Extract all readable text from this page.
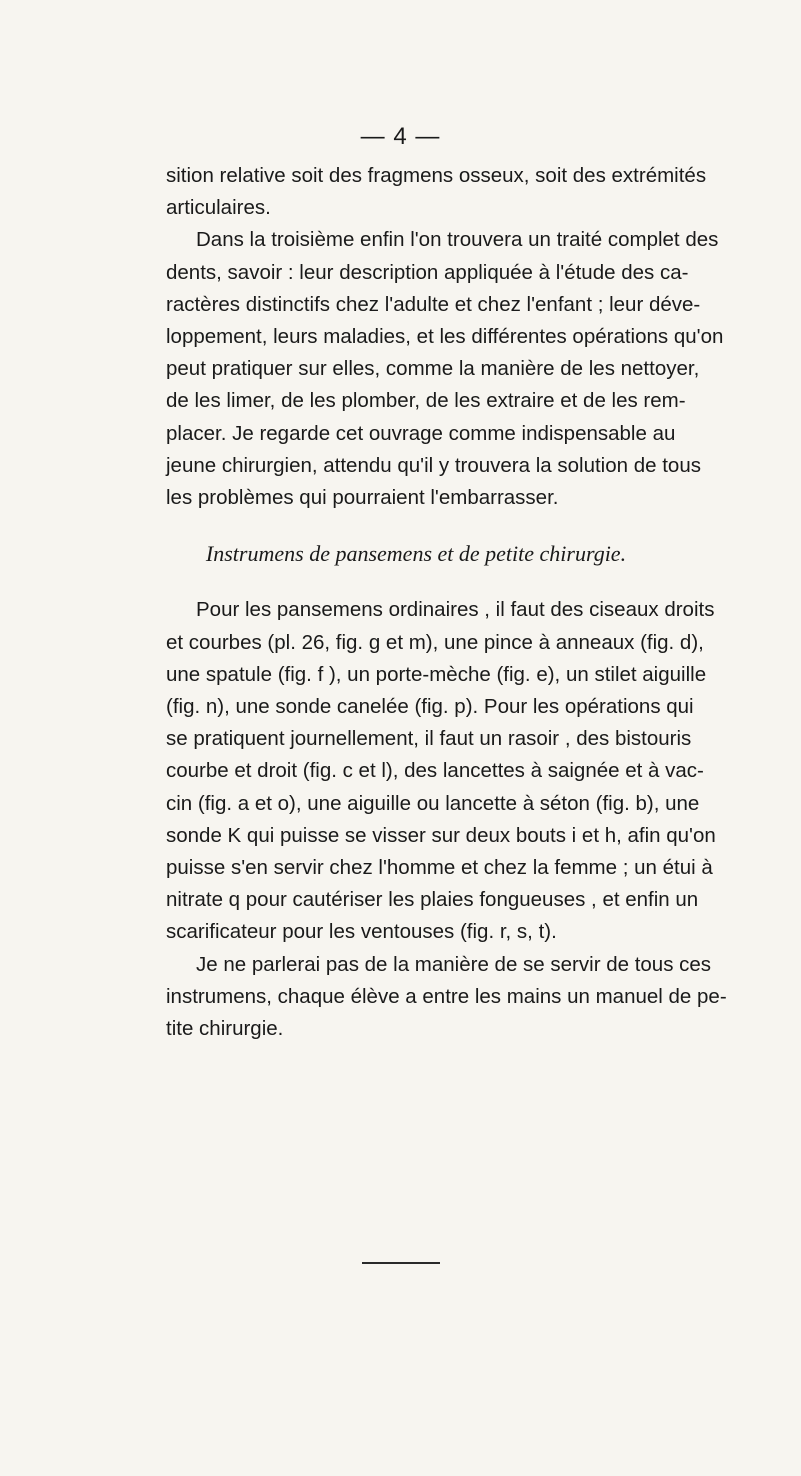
— 4 —
sition relative soit des fragmens osseux, soit des extrémités
articulaires.
Dans la troisième enfin l'on trouvera un traité complet des
dents, savoir : leur description appliquée à l'étude des ca-
ractères distinctifs chez l'adulte et chez l'enfant ; leur déve-
loppement, leurs maladies, et les différentes opérations qu'on
peut pratiquer sur elles, comme la manière de les nettoyer,
de les limer, de les plomber, de les extraire et de les rem-
placer. Je regarde cet ouvrage comme indispensable au
jeune chirurgien, attendu qu'il y trouvera la solution de tous
les problèmes qui pourraient l'embarrasser.
Instrumens de pansemens et de petite chirurgie.
Pour les pansemens ordinaires , il faut des ciseaux droits
et courbes (pl. 26, fig. g et m), une pince à anneaux (fig. d),
une spatule (fig. f ), un porte-mèche (fig. e), un stilet aiguille
(fig. n), une sonde canelée (fig. p). Pour les opérations qui
se pratiquent journellement, il faut un rasoir , des bistouris
courbe et droit (fig. c et l), des lancettes à saignée et à vac-
cin (fig. a et o), une aiguille ou lancette à séton (fig. b), une
sonde K qui puisse se visser sur deux bouts i et h, afin qu'on
puisse s'en servir chez l'homme et chez la femme ; un étui à
nitrate q pour cautériser les plaies fongueuses , et enfin un
scarificateur pour les ventouses (fig. r, s, t).
Je ne parlerai pas de la manière de se servir de tous ces
instrumens, chaque élève a entre les mains un manuel de pe-
tite chirurgie.
